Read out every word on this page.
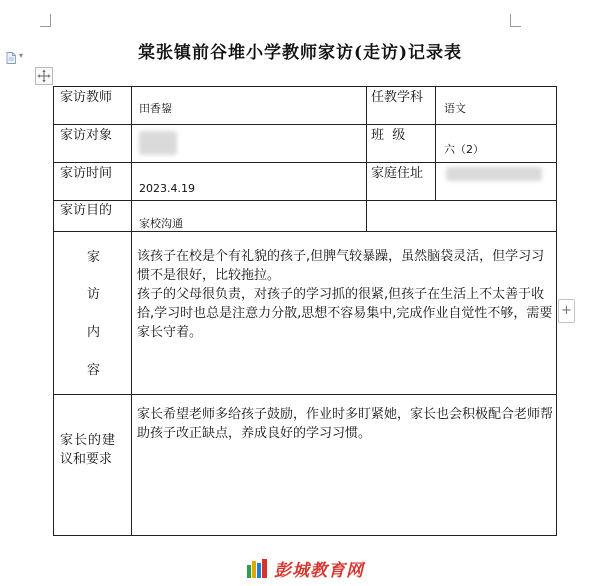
▾	棠张镇前谷堆小学教师家访(走访)记录表
家访教师
田香鋆
任教学科
语文
家访对象	班  级
六（2）
家访时间
2023.4.19
家庭住址
家访目的
家校沟通
家
访
内
容
该孩子在校是个有礼貌的孩子,但脾气较暴躁，虽然脑袋灵活，但学习习惯不是很好，比较拖拉。
孩子的父母很负责，对孩子的学习抓的很紧,但孩子在生活上不太善于收拾,学习时也总是注意力分散,思想不容易集中,完成作业自觉性不够，需要家长守着。
家长的建
议和要求
家长希望老师多给孩子鼓励，作业时多盯紧她，家长也会积极配合老师帮助孩子改正缺点，养成良好的学习习惯。
+
彭城教育网
